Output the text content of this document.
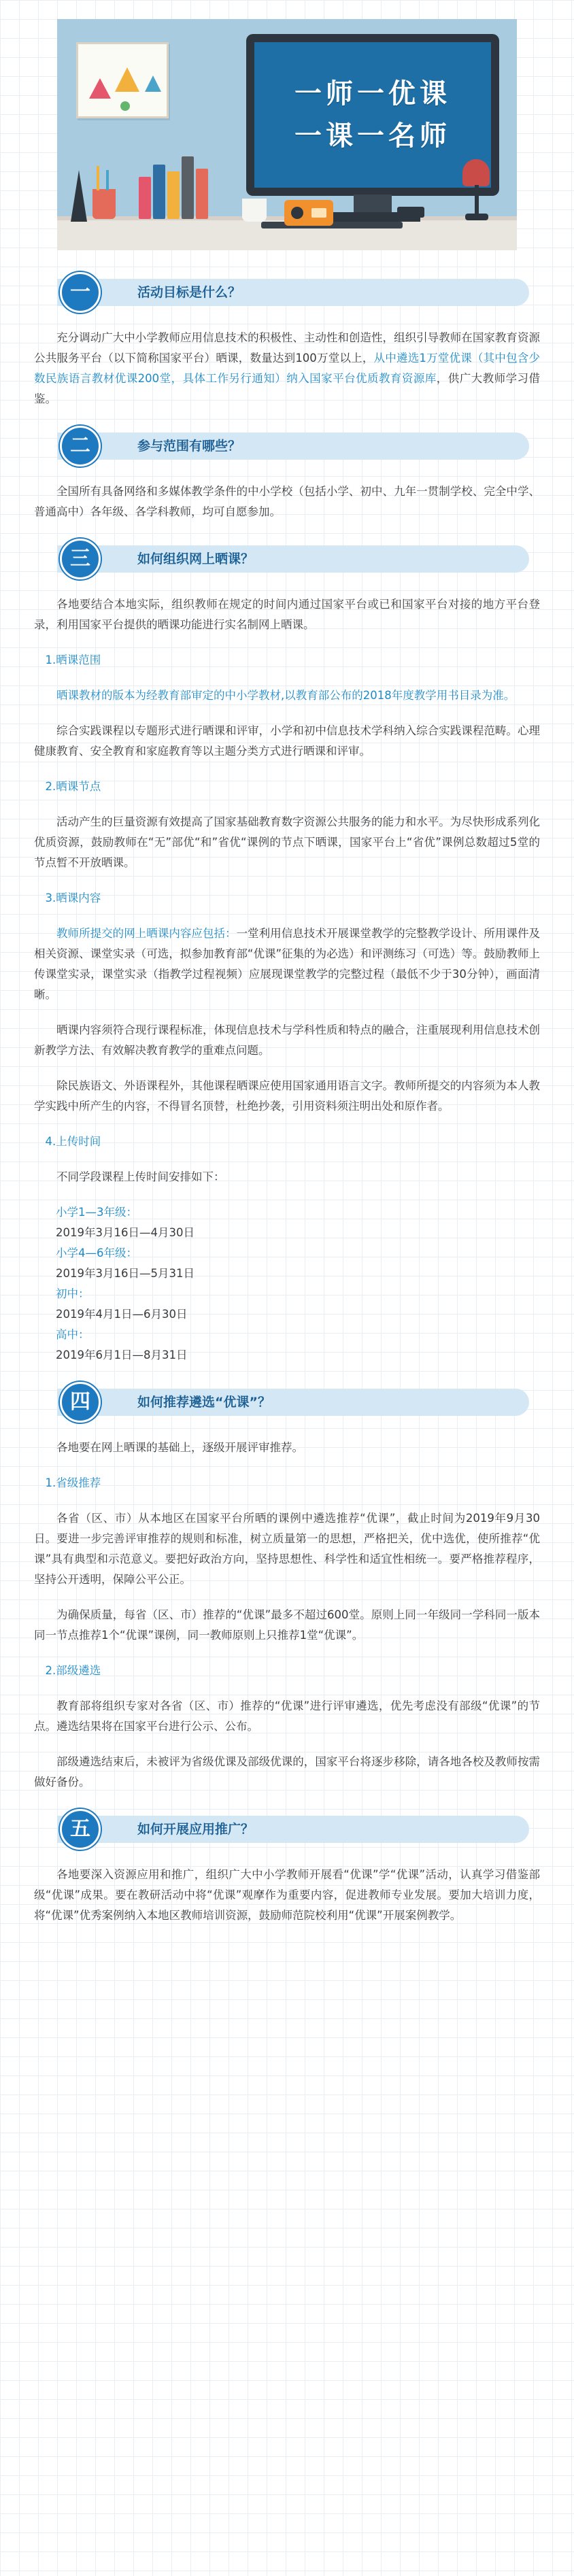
一师一优课
一课一名师
一	活动目标是什么？

充分调动广大中小学教师应用信息技术的积极性、主动性和创造性，组织引导教师在国家教育资源公共服务平台（以下简称国家平台）晒课，数量达到100万堂以上，从中遴选1万堂优课（其中包含少数民族语言教材优课200堂，具体工作另行通知）纳入国家平台优质教育资源库，供广大教师学习借鉴。

二	参与范围有哪些？

全国所有具备网络和多媒体教学条件的中小学校（包括小学、初中、九年一贯制学校、完全中学、普通高中）各年级、各学科教师，均可自愿参加。

三	如何组织网上晒课？

各地要结合本地实际，组织教师在规定的时间内通过国家平台或已和国家平台对接的地方平台登录，利用国家平台提供的晒课功能进行实名制网上晒课。

1.晒课范围

晒课教材的版本为经教育部审定的中小学教材,以教育部公布的2018年度教学用书目录为准。

综合实践课程以专题形式进行晒课和评审，小学和初中信息技术学科纳入综合实践课程范畴。心理健康教育、安全教育和家庭教育等以主题分类方式进行晒课和评审。

2.晒课节点

活动产生的巨量资源有效提高了国家基础教育数字资源公共服务的能力和水平。为尽快形成系列化优质资源，鼓励教师在“无”部优“和”省优“课例的节点下晒课，国家平台上“省优”课例总数超过5堂的节点暂不开放晒课。

3.晒课内容

教师所提交的网上晒课内容应包括：一堂利用信息技术开展课堂教学的完整教学设计、所用课件及相关资源、课堂实录（可选，拟参加教育部“优课”征集的为必选）和评测练习（可选）等。鼓励教师上传课堂实录，课堂实录（指教学过程视频）应展现课堂教学的完整过程（最低不少于30分钟），画面清晰。

晒课内容须符合现行课程标准，体现信息技术与学科性质和特点的融合，注重展现利用信息技术创新教学方法、有效解决教育教学的重难点问题。

除民族语文、外语课程外，其他课程晒课应使用国家通用语言文字。教师所提交的内容须为本人教学实践中所产生的内容，不得冒名顶替，杜绝抄袭，引用资料须注明出处和原作者。

4.上传时间

不同学段课程上传时间安排如下：

小学1—3年级：
2019年3月16日—4月30日
小学4—6年级：
2019年3月16日—5月31日
初中：
2019年4月1日—6月30日
高中：
2019年6月1日—8月31日
四	如何推荐遴选“优课”？

各地要在网上晒课的基础上，逐级开展评审推荐。

1.省级推荐

各省（区、市）从本地区在国家平台所晒的课例中遴选推荐“优课”，截止时间为2019年9月30日。要进一步完善评审推荐的规则和标准，树立质量第一的思想，严格把关，优中选优，使所推荐“优课”具有典型和示范意义。要把好政治方向，坚持思想性、科学性和适宜性相统一。要严格推荐程序，坚持公开透明，保障公平公正。

为确保质量，每省（区、市）推荐的“优课”最多不超过600堂。原则上同一年级同一学科同一版本同一节点推荐1个“优课”课例，同一教师原则上只推荐1堂“优课”。

2.部级遴选

教育部将组织专家对各省（区、市）推荐的“优课”进行评审遴选，优先考虑没有部级“优课”的节点。遴选结果将在国家平台进行公示、公布。

部级遴选结束后，未被评为省级优课及部级优课的，国家平台将逐步移除，请各地各校及教师按需做好备份。

五	如何开展应用推广？

各地要深入资源应用和推广，组织广大中小学教师开展看“优课”学“优课”活动，认真学习借鉴部级“优课”成果。要在教研活动中将“优课”观摩作为重要内容，促进教师专业发展。要加大培训力度，将“优课”优秀案例纳入本地区教师培训资源，鼓励师范院校利用“优课”开展案例教学。
